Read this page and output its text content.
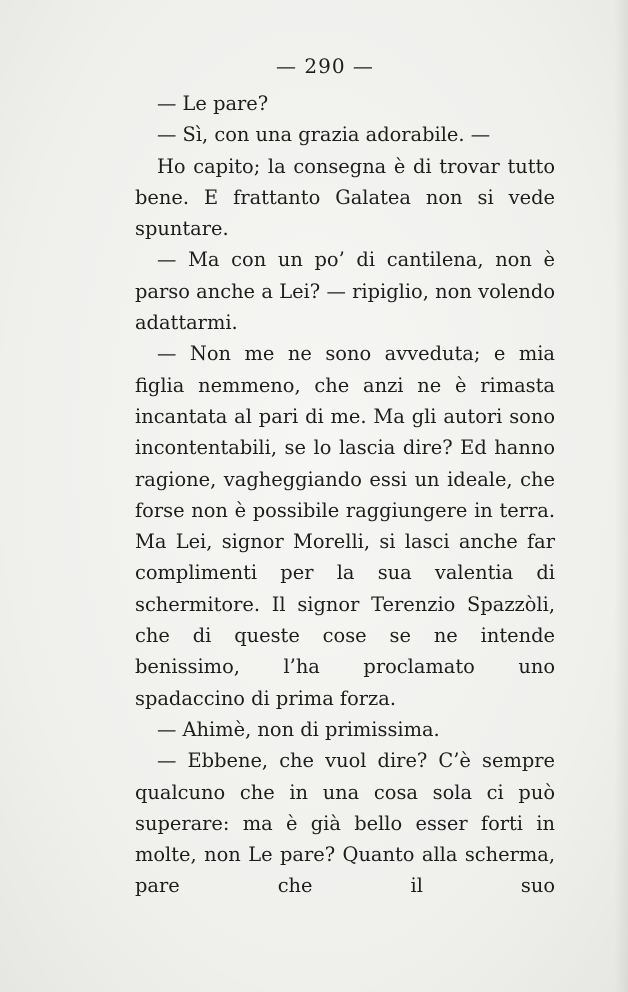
— 290 —

— Le pare?

— Sì, con una grazia adorabile. —

Ho capito; la consegna è di trovar tutto bene. E frattanto Galatea non si vede spuntare.

— Ma con un po’ di cantilena, non è parso anche a Lei? — ripiglio, non volendo adattarmi.

— Non me ne sono avveduta; e mia figlia nemmeno, che anzi ne è rimasta incantata al pari di me. Ma gli autori sono incontentabili, se lo lascia dire? Ed hanno ragione, vagheggiando essi un ideale, che forse non è possibile raggiungere in terra. Ma Lei, signor Morelli, si lasci anche far complimenti per la sua valentia di schermitore. Il signor Terenzio Spazzòli, che di queste cose se ne intende benissimo, l’ha proclamato uno spadaccino di prima forza.

— Ahimè, non di primissima.

— Ebbene, che vuol dire? C’è sempre qualcuno che in una cosa sola ci può superare: ma è già bello esser forti in molte, non Le pare? Quanto alla scherma, pare che il suo
